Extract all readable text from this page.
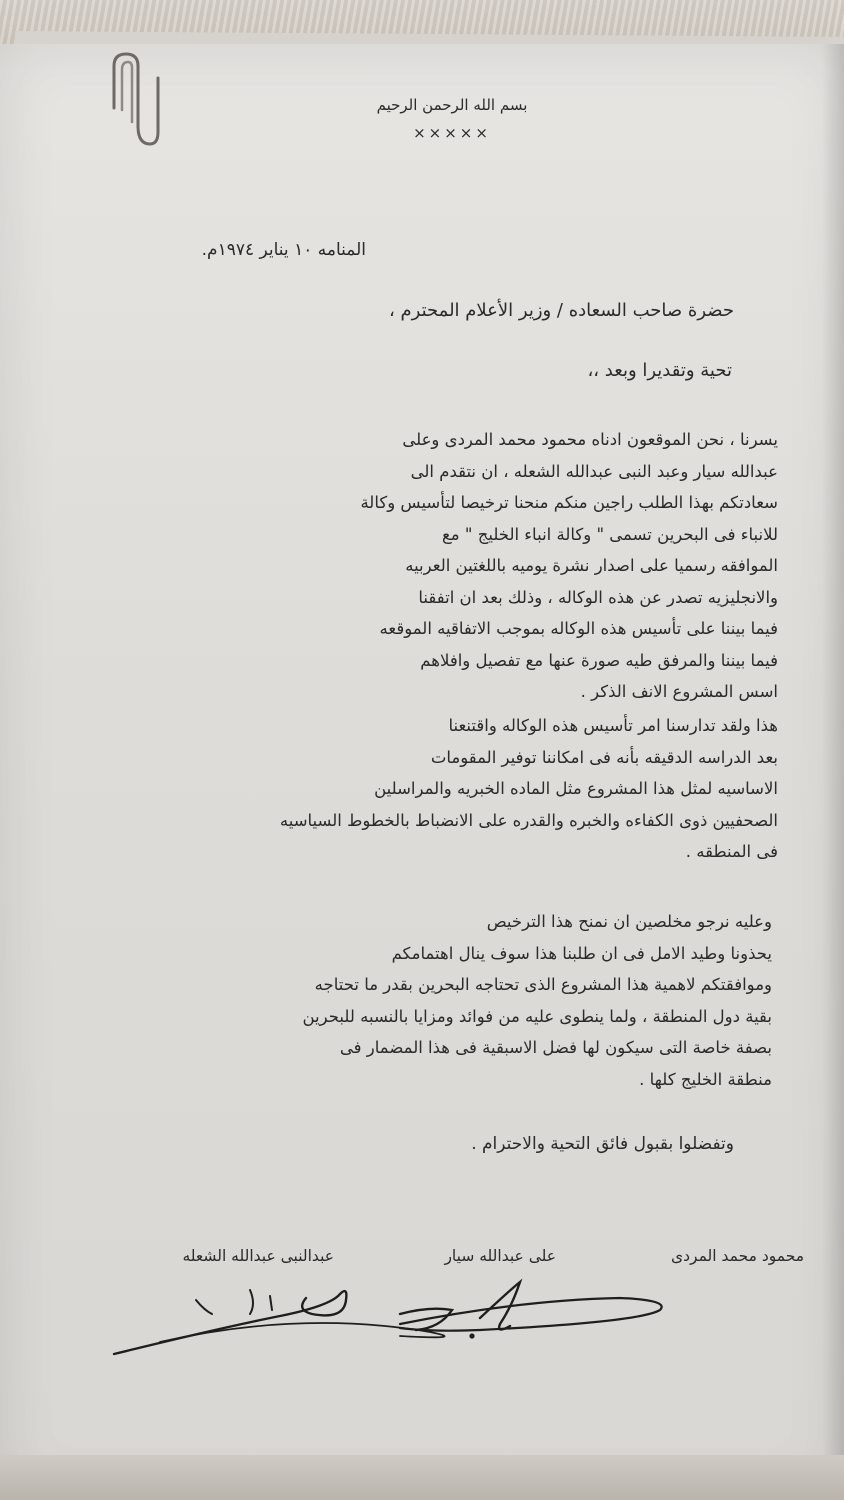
بسم الله الرحمن الرحيم
×××××
المنامه ١٠ يناير ١٩٧٤م.
حضرة صاحب السعاده / وزير الأعلام المحترم ،
تحية وتقديرا وبعد ،،
يسرنا ، نحن الموقعون ادناه محمود محمد المردى وعلى
عبدالله سيار وعبد النبى عبدالله الشعله ، ان نتقدم الى
سعادتكم بهذا الطلب راجين منكم منحنا ترخيصا لتأسيس وكالة
للانباء فى البحرين تسمى " وكالة انباء الخليج " مع
الموافقه رسميا على اصدار نشرة يوميه باللغتين العربيه
والانجليزيه تصدر عن هذه الوكاله ، وذلك بعد ان اتفقنا
فيما بيننا على تأسيس هذه الوكاله بموجب الاتفاقيه الموقعه
فيما بيننا والمرفق طيه صورة عنها مع تفصيل وافلاهم
اسس المشروع الانف الذكر .
هذا ولقد تدارسنا امر تأسيس هذه الوكاله واقتنعنا
بعد الدراسه الدقيقه بأنه فى امكاننا توفير المقومات
الاساسيه لمثل هذا المشروع مثل الماده الخبريه والمراسلين
الصحفيين ذوى الكفاءه والخبره والقدره على الانضباط بالخطوط السياسيه
فى المنطقه .
وعليه نرجو مخلصين ان نمنح هذا الترخيص
يحذونا وطيد الامل فى ان طلبنا هذا سوف ينال اهتمامكم
وموافقتكم لاهمية هذا المشروع الذى تحتاجه البحرين بقدر ما تحتاجه
بقية دول المنطقة ، ولما ينطوى عليه من فوائد ومزايا بالنسبه للبحرين
بصفة خاصة التى سيكون لها فضل الاسبقية فى هذا المضمار فى
منطقة الخليج كلها .
وتفضلوا بقبول فائق التحية والاحترام .
محمود محمد المردى
على عبدالله سيار
عبدالنبى عبدالله الشعله
